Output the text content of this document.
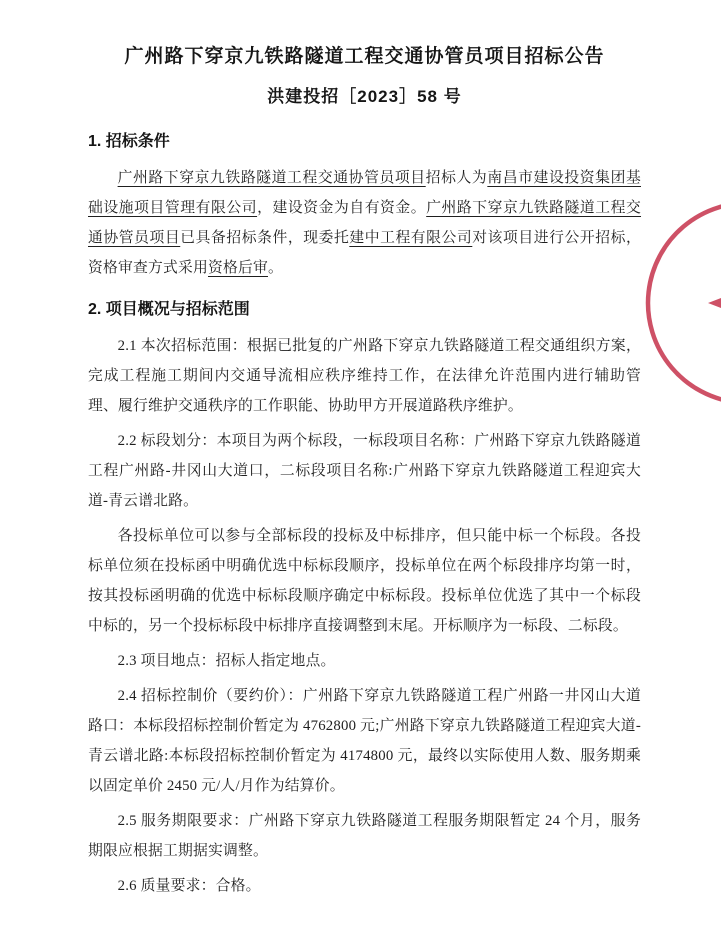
广州路下穿京九铁路隧道工程交通协管员项目招标公告
洪建投招［2023］58 号
1. 招标条件

广州路下穿京九铁路隧道工程交通协管员项目招标人为南昌市建设投资集团基础设施项目管理有限公司，建设资金为自有资金。广州路下穿京九铁路隧道工程交通协管员项目已具备招标条件，现委托建中工程有限公司对该项目进行公开招标，资格审查方式采用资格后审。

2. 项目概况与招标范围

2.1 本次招标范围：根据已批复的广州路下穿京九铁路隧道工程交通组织方案，完成工程施工期间内交通导流相应秩序维持工作，在法律允许范围内进行辅助管理、履行维护交通秩序的工作职能、协助甲方开展道路秩序维护。

2.2 标段划分：本项目为两个标段，一标段项目名称：广州路下穿京九铁路隧道工程广州路-井冈山大道口，二标段项目名称:广州路下穿京九铁路隧道工程迎宾大道-青云谱北路。

各投标单位可以参与全部标段的投标及中标排序，但只能中标一个标段。各投标单位须在投标函中明确优选中标标段顺序，投标单位在两个标段排序均第一时，按其投标函明确的优选中标标段顺序确定中标标段。投标单位优选了其中一个标段中标的，另一个投标标段中标排序直接调整到末尾。开标顺序为一标段、二标段。

2.3 项目地点：招标人指定地点。

2.4 招标控制价（要约价）：广州路下穿京九铁路隧道工程广州路一井冈山大道路口：本标段招标控制价暂定为 4762800 元;广州路下穿京九铁路隧道工程迎宾大道-青云谱北路:本标段招标控制价暂定为 4174800 元，最终以实际使用人数、服务期乘以固定单价 2450 元/人/月作为结算价。

2.5 服务期限要求：广州路下穿京九铁路隧道工程服务期限暂定 24 个月，服务期限应根据工期据实调整。

2.6 质量要求：合格。
